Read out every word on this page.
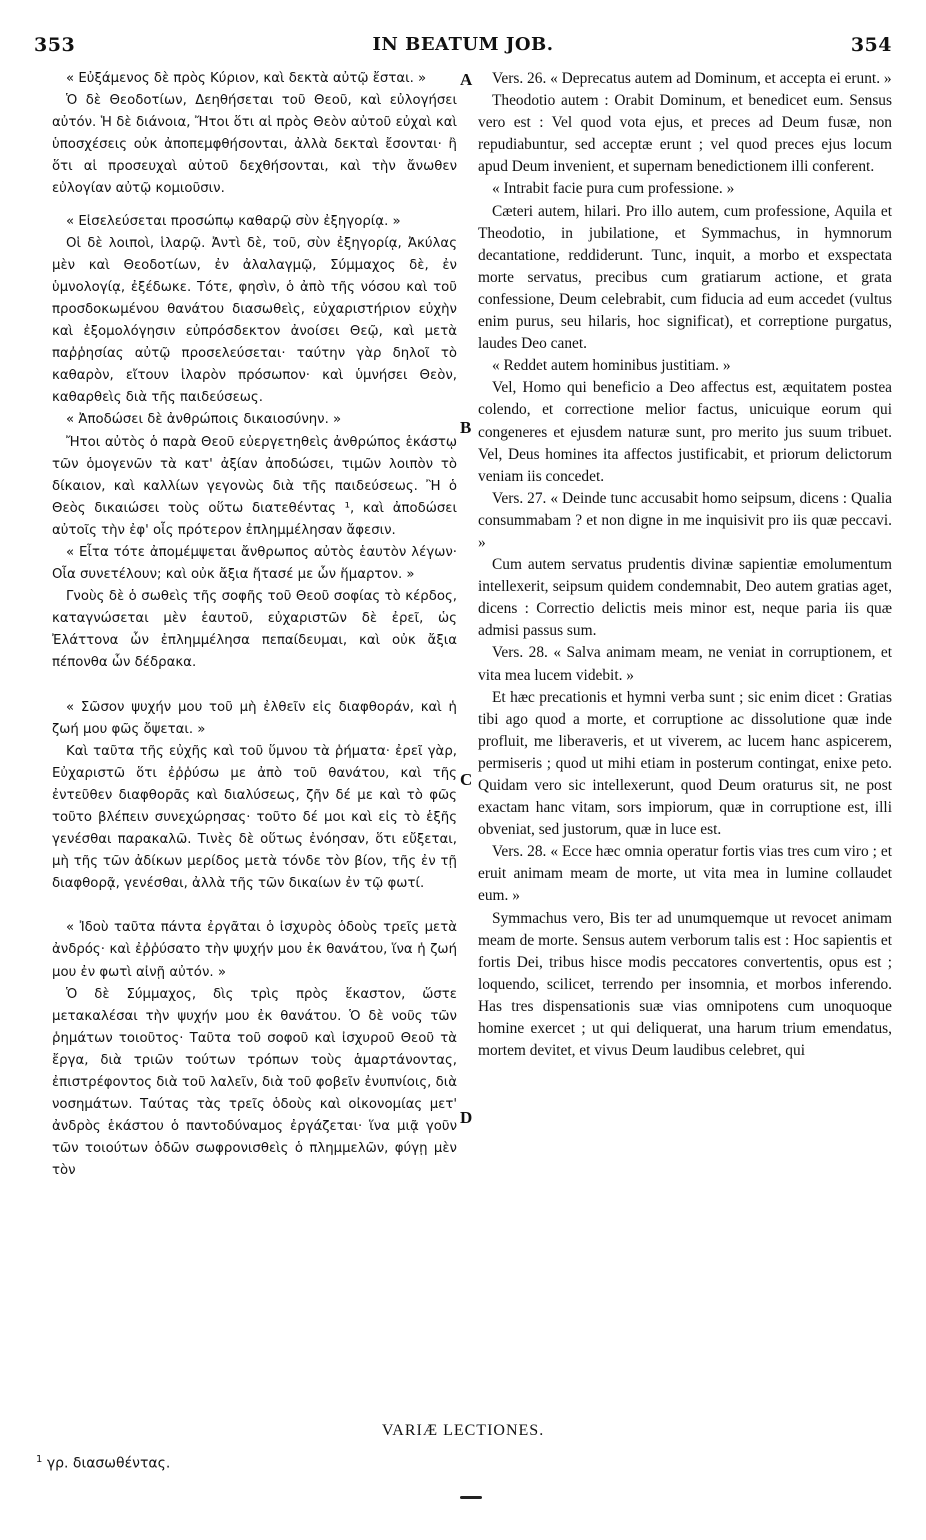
353	IN BEATUM JOB.	354

« Εὐξάμενος δὲ πρὸς Κύριον, καὶ δεκτὰ αὐτῷ ἔσται. »

Ὁ δὲ Θεοδοτίων, Δεηθήσεται τοῦ Θεοῦ, καὶ εὐλογήσει αὐτόν. Ἡ δὲ διάνοια, Ἤτοι ὅτι αἱ πρὸς Θεὸν αὐτοῦ εὐχαὶ καὶ ὑποσχέσεις οὐκ ἀποπεμφθήσονται, ἀλλὰ δεκταὶ ἔσονται· ἢ ὅτι αἱ προσευχαὶ αὐτοῦ δεχθήσονται, καὶ τὴν ἄνωθεν εὐλογίαν αὐτῷ κομιοῦσιν.

« Εἰσελεύσεται προσώπῳ καθαρῷ σὺν ἐξηγορίᾳ. »

Οἱ δὲ λοιποὶ, ἱλαρῷ. Ἀντὶ δὲ, τοῦ, σὺν ἐξηγορίᾳ, Ἀκύλας μὲν καὶ Θεοδοτίων, ἐν ἀλαλαγμῷ, Σύμμαχος δὲ, ἐν ὑμνολογίᾳ, ἐξέδωκε. Τότε, φησὶν, ὁ ἀπὸ τῆς νόσου καὶ τοῦ προσδοκωμένου θανάτου διασωθεὶς, εὐχαριστήριον εὐχὴν καὶ ἐξομολόγησιν εὐπρόσδεκτον ἀνοίσει Θεῷ, καὶ μετὰ παῤῥησίας αὐτῷ προσελεύσεται· ταύτην γὰρ δηλοῖ τὸ καθαρὸν, εἴτουν ἱλαρὸν πρόσωπον· καὶ ὑμνήσει Θεὸν, καθαρθεὶς διὰ τῆς παιδεύσεως.

« Ἀποδώσει δὲ ἀνθρώποις δικαιοσύνην. »

Ἤτοι αὐτὸς ὁ παρὰ Θεοῦ εὐεργετηθεὶς ἀνθρώπος ἑκάστῳ τῶν ὁμογενῶν τὰ κατ' ἀξίαν ἀποδώσει, τιμῶν λοιπὸν τὸ δίκαιον, καὶ καλλίων γεγονὼς διὰ τῆς παιδεύσεως. Ἢ ὁ Θεὸς δικαιώσει τοὺς οὕτω διατεθέντας ¹, καὶ ἀποδώσει αὐτοῖς τὴν ἐφ' οἷς πρότερον ἐπλημμέλησαν ἄφεσιν.

« Εἶτα τότε ἀπομέμψεται ἄνθρωπος αὐτὸς ἑαυτὸν λέγων· Οἷα συνετέλουν; καὶ οὐκ ἄξια ἤτασέ με ὧν ἥμαρτον. »

Γνοὺς δὲ ὁ σωθεὶς τῆς σοφῆς τοῦ Θεοῦ σοφίας τὸ κέρδος, καταγνώσεται μὲν ἑαυτοῦ, εὐχαριστῶν δὲ ἐρεῖ, ὡς Ἐλάττονα ὧν ἐπλημμέλησα πεπαίδευμαι, καὶ οὐκ ἄξια πέπονθα ὧν δέδρακα.

« Σῶσον ψυχήν μου τοῦ μὴ ἐλθεῖν εἰς διαφθοράν, καὶ ἡ ζωή μου φῶς ὄψεται. »

Καὶ ταῦτα τῆς εὐχῆς καὶ τοῦ ὕμνου τὰ ῥήματα· ἐρεῖ γὰρ, Εὐχαριστῶ ὅτι ἐῤῥύσω με ἀπὸ τοῦ θανάτου, καὶ τῆς ἐντεῦθεν διαφθορᾶς καὶ διαλύσεως, ζῆν δέ με καὶ τὸ φῶς τοῦτο βλέπειν συνεχώρησας· τοῦτο δέ μοι καὶ εἰς τὸ ἑξῆς γενέσθαι παρακαλῶ. Τινὲς δὲ οὕτως ἐνόησαν, ὅτι εὔξεται, μὴ τῆς τῶν ἀδίκων μερίδος μετὰ τόνδε τὸν βίον, τῆς ἐν τῇ διαφθορᾷ, γενέσθαι, ἀλλὰ τῆς τῶν δικαίων ἐν τῷ φωτί.

« Ἰδοὺ ταῦτα πάντα ἐργᾶται ὁ ἰσχυρὸς ὁδοὺς τρεῖς μετὰ ἀνδρός· καὶ ἐῤῥύσατο τὴν ψυχήν μου ἐκ θανάτου, ἵνα ἡ ζωή μου ἐν φωτὶ αἰνῇ αὐτόν. »

Ὁ δὲ Σύμμαχος, δὶς τρὶς πρὸς ἕκαστον, ὥστε μετακαλέσαι τὴν ψυχήν μου ἐκ θανάτου. Ὁ δὲ νοῦς τῶν ῥημάτων τοιοῦτος· Ταῦτα τοῦ σοφοῦ καὶ ἰσχυροῦ Θεοῦ τὰ ἔργα, διὰ τριῶν τούτων τρόπων τοὺς ἁμαρτάνοντας, ἐπιστρέφοντος διὰ τοῦ λαλεῖν, διὰ τοῦ φοβεῖν ἐνυπνίοις, διὰ νοσημάτων. Ταύτας τὰς τρεῖς ὁδοὺς καὶ οἰκονομίας μετ' ἀνδρὸς ἑκάστου ὁ παντοδύναμος ἐργάζεται· ἵνα μιᾷ γοῦν τῶν τοιούτων ὁδῶν σωφρονισθεὶς ὁ πλημμελῶν, φύγῃ μὲν τὸν

A
B
C
D

Vers. 26. « Deprecatus autem ad Dominum, et accepta ei erunt. »

Theodotio autem : Orabit Dominum, et benedicet eum. Sensus vero est : Vel quod vota ejus, et preces ad Deum fusæ, non repudiabuntur, sed acceptæ erunt ; vel quod preces ejus locum apud Deum invenient, et supernam benedictionem illi conferent.

« Intrabit facie pura cum professione. »

Cæteri autem, hilari. Pro illo autem, cum professione, Aquila et Theodotio, in jubilatione, et Symmachus, in hymnorum decantatione, reddiderunt. Tunc, inquit, a morbo et exspectata morte servatus, precibus cum gratiarum actione, et grata confessione, Deum celebrabit, cum fiducia ad eum accedet (vultus enim purus, seu hilaris, hoc significat), et correptione purgatus, laudes Deo canet.

« Reddet autem hominibus justitiam. »

Vel, Homo qui beneficio a Deo affectus est, æquitatem postea colendo, et correctione melior factus, unicuique eorum qui congeneres et ejusdem naturæ sunt, pro merito jus suum tribuet. Vel, Deus homines ita affectos justificabit, et priorum delictorum veniam iis concedet.

Vers. 27. « Deinde tunc accusabit homo seipsum, dicens : Qualia consummabam ? et non digne in me inquisivit pro iis quæ peccavi. »

Cum autem servatus prudentis divinæ sapientiæ emolumentum intellexerit, seipsum quidem condemnabit, Deo autem gratias aget, dicens : Correctio delictis meis minor est, neque paria iis quæ admisi passus sum.

Vers. 28. « Salva animam meam, ne veniat in corruptionem, et vita mea lucem videbit. »

Et hæc precationis et hymni verba sunt ; sic enim dicet : Gratias tibi ago quod a morte, et corruptione ac dissolutione quæ inde profluit, me liberaveris, et ut viverem, ac lucem hanc aspicerem, permiseris ; quod ut mihi etiam in posterum contingat, enixe peto. Quidam vero sic intellexerunt, quod Deum oraturus sit, ne post exactam hanc vitam, sors impiorum, quæ in corruptione est, illi obveniat, sed justorum, quæ in luce est.

Vers. 28. « Ecce hæc omnia operatur fortis vias tres cum viro ; et eruit animam meam de morte, ut vita mea in lumine collaudet eum. »

Symmachus vero, Bis ter ad unumquemque ut revocet animam meam de morte. Sensus autem verborum talis est : Hoc sapientis et fortis Dei, tribus hisce modis peccatores convertentis, opus est ; loquendo, scilicet, terrendo per insomnia, et morbos inferendo. Has tres dispensationis suæ vias omnipotens cum unoquoque homine exercet ; ut qui deliquerat, una harum trium emendatus, mortem devitet, et vivus Deum laudibus celebret, qui

VARIÆ LECTIONES.
$^1$ γρ. διασωθέντας.
